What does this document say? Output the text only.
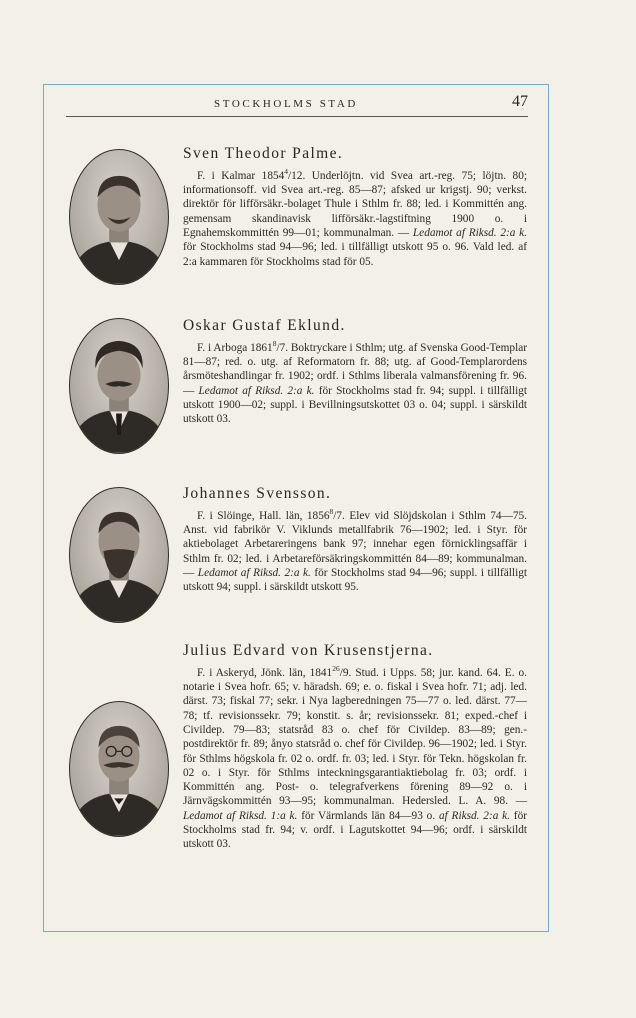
STOCKHOLMS STAD	47
Sven Theodor Palme.
F. i Kalmar 1854$^4$/12. Underlöjtn. vid Svea art.-reg. 75; löjtn. 80; informationsoff. vid Svea art.-reg. 85—87; afsked ur krigstj. 90; verkst. direktör för lifförsäkr.-bolaget Thule i Sthlm fr. 88; led. i Kommittén ang. gemensam skandinavisk lifförsäkr.-lagstiftning 1900 o. i Egnahemskommittén 99—01; kommunalman. — Ledamot af Riksd. 2:a k. för Stockholms stad 94—96; led. i tillfälligt utskott 95 o. 96. Vald led. af 2:a kammaren för Stockholms stad för 05.
Oskar Gustaf Eklund.
F. i Arboga 1861$^8$/7. Boktryckare i Sthlm; utg. af Svenska Good-Templar 81—87; red. o. utg. af Reformatorn fr. 88; utg. af Good-Templarordens årsmöteshandlingar fr. 1902; ordf. i Sthlms liberala valmansförening fr. 96. — Ledamot af Riksd. 2:a k. för Stockholms stad fr. 94; suppl. i tillfälligt utskott 1900—02; suppl. i Bevillningsutskottet 03 o. 04; suppl. i särskildt utskott 03.
Johannes Svensson.
F. i Slöinge, Hall. län, 1856$^8$/7. Elev vid Slöjdskolan i Sthlm 74—75. Anst. vid fabrikör V. Viklunds metallfabrik 76—1902; led. i Styr. för aktiebolaget Arbetareringens bank 97; innehar egen förnicklingsaffär i Sthlm fr. 02; led. i Arbetareförsäkringskommittén 84—89; kommunalman. — Ledamot af Riksd. 2:a k. för Stockholms stad 94—96; suppl. i tillfälligt utskott 94; suppl. i särskildt utskott 95.
Julius Edvard von Krusenstjerna.
F. i Askeryd, Jönk. län, 1841$^{26}$/9. Stud. i Upps. 58; jur. kand. 64. E. o. notarie i Svea hofr. 65; v. häradsh. 69; e. o. fiskal i Svea hofr. 71; adj. led. därst. 73; fiskal 77; sekr. i Nya lagberedningen 75—77 o. led. därst. 77—78; tf. revisionssekr. 79; konstit. s. år; revisionssekr. 81; exped.-chef i Civildep. 79—83; statsråd 83 o. chef för Civildep. 83—89; gen.-postdirektör fr. 89; ånyo statsråd o. chef för Civildep. 96—1902; led. i Styr. för Sthlms högskola fr. 02 o. ordf. fr. 03; led. i Styr. för Tekn. högskolan fr. 02 o. i Styr. för Sthlms inteckningsgarantiaktiebolag fr. 03; ordf. i Kommittén ang. Post- o. telegrafverkens förening 89—92 o. i Järnvägskommittén 93—95; kommunalman. Hedersled. L. A. 98. — Ledamot af Riksd. 1:a k. för Värmlands län 84—93 o. af Riksd. 2:a k. för Stockholms stad fr. 94; v. ordf. i Lagutskottet 94—96; ordf. i särskildt utskott 03.
